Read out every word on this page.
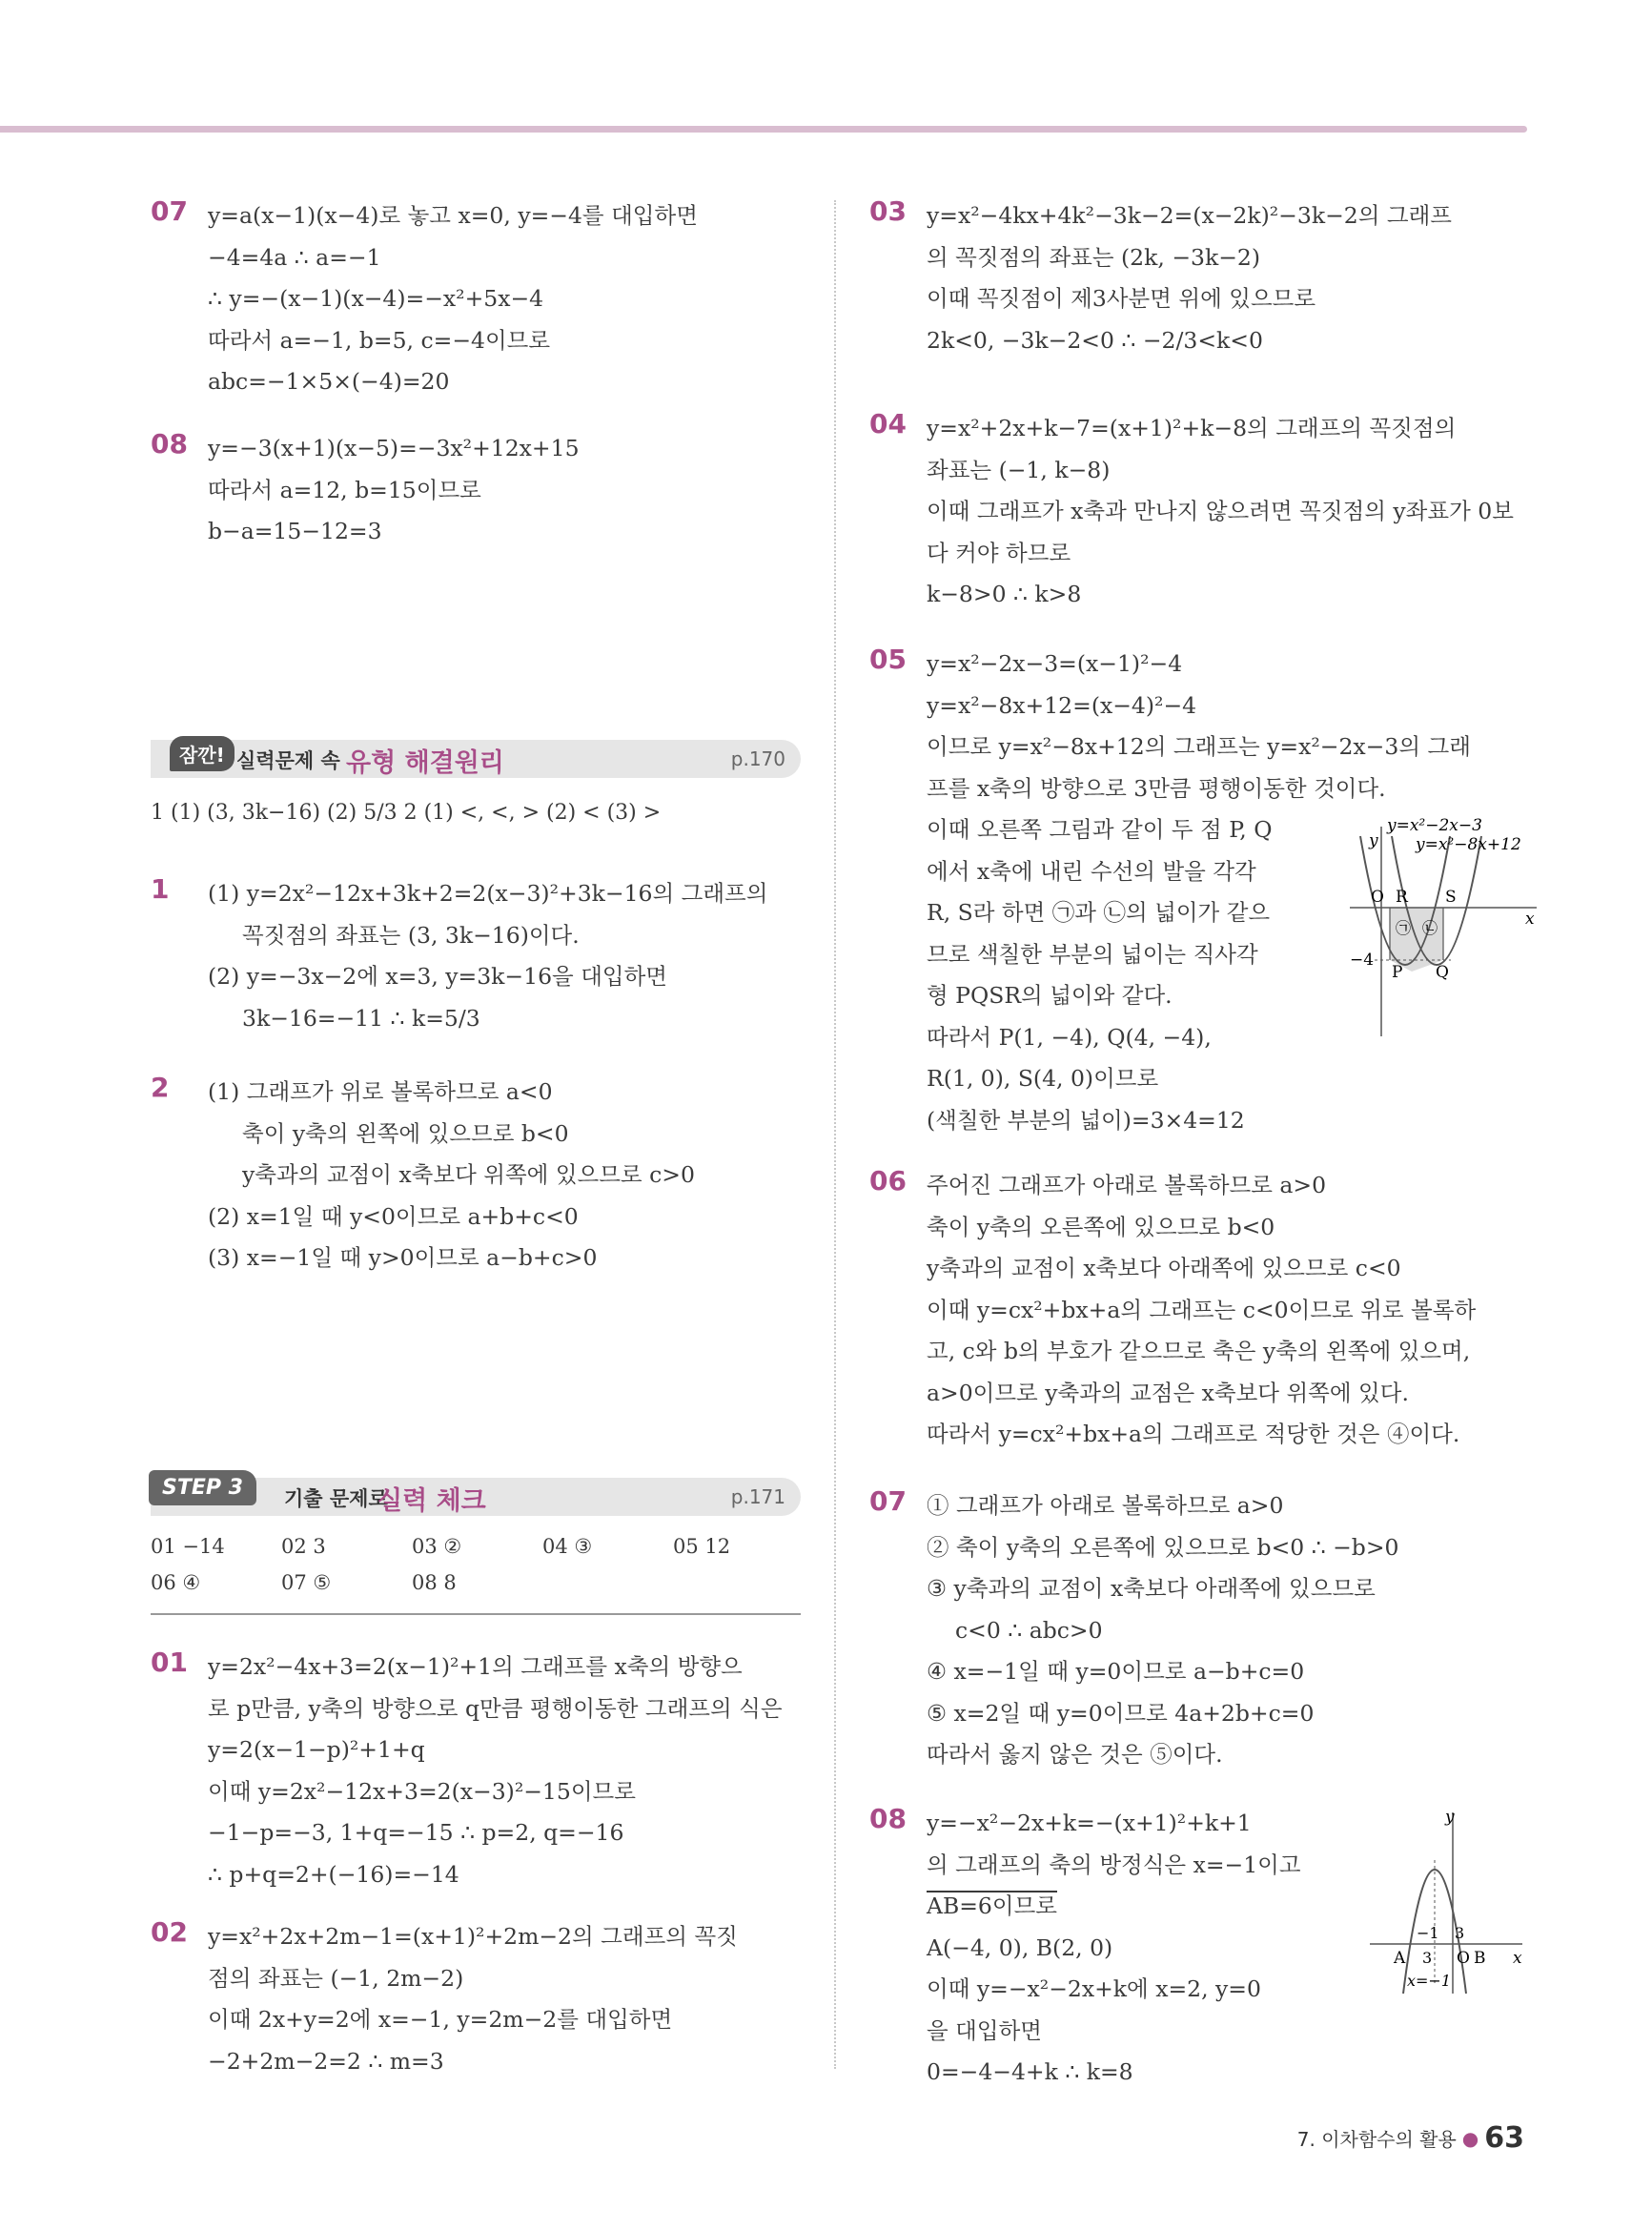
07 y=a(x−1)(x−4)로 놓고 x=0, y=−4를 대입하면
−4=4a ∴ a=−1
∴ y=−(x−1)(x−4)=−x²+5x−4
따라서 a=−1, b=5, c=−4이므로
abc=−1×5×(−4)=20
08 y=−3(x+1)(x−5)=−3x²+12x+15
따라서 a=12, b=15이므로
b−a=15−12=3
잠깐! 실력문제 속 유형 해결원리	p.170
1 (1) (3, 3k−16) (2) 5/3 2 (1) <, <, > (2) < (3) >
1 (1) y=2x²−12x+3k+2=2(x−3)²+3k−16의 그래프의
꼭짓점의 좌표는 (3, 3k−16)이다.
(2) y=−3x−2에 x=3, y=3k−16을 대입하면
3k−16=−11 ∴ k=5/3
2 (1) 그래프가 위로 볼록하므로 a<0
축이 y축의 왼쪽에 있으므로 b<0
y축과의 교점이 x축보다 위쪽에 있으므로 c>0
(2) x=1일 때 y<0이므로 a+b+c<0
(3) x=−1일 때 y>0이므로 a−b+c>0
STEP 3	기출 문제로
실력 체크	p.171
01 −14	02 3	03 ②	04 ③	05 12
06 ④	07 ⑤	08 8
01 y=2x²−4x+3=2(x−1)²+1의 그래프를 x축의 방향으
로 p만큼, y축의 방향으로 q만큼 평행이동한 그래프의 식은
y=2(x−1−p)²+1+q
이때 y=2x²−12x+3=2(x−3)²−15이므로
−1−p=−3, 1+q=−15 ∴ p=2, q=−16
∴ p+q=2+(−16)=−14
02 y=x²+2x+2m−1=(x+1)²+2m−2의 그래프의 꼭짓
점의 좌표는 (−1, 2m−2)
이때 2x+y=2에 x=−1, y=2m−2를 대입하면
−2+2m−2=2 ∴ m=3
03 y=x²−4kx+4k²−3k−2=(x−2k)²−3k−2의 그래프
의 꼭짓점의 좌표는 (2k, −3k−2)
이때 꼭짓점이 제3사분면 위에 있으므로
2k<0, −3k−2<0 ∴ −2/3<k<0
04 y=x²+2x+k−7=(x+1)²+k−8의 그래프의 꼭짓점의
좌표는 (−1, k−8)
이때 그래프가 x축과 만나지 않으려면 꼭짓점의 y좌표가 0보
다 커야 하므로
k−8>0 ∴ k>8
05 y=x²−2x−3=(x−1)²−4
y=x²−8x+12=(x−4)²−4
이므로 y=x²−8x+12의 그래프는 y=x²−2x−3의 그래
프를 x축의 방향으로 3만큼 평행이동한 것이다.
이때 오른쪽 그림과 같이 두 점 P, Q
에서 x축에 내린 수선의 발을 각각
R, S라 하면 ㉠과 ㉡의 넓이가 같으
므로 색칠한 부분의 넓이는 직사각
형 PQSR의 넓이와 같다.
따라서 P(1, −4), Q(4, −4),
R(1, 0), S(4, 0)이므로
(색칠한 부분의 넓이)=3×4=12
y=x²−2x−3
y=x²−8x+12
y
x
O R S
P Q
−4
㉠ ㉡
06 주어진 그래프가 아래로 볼록하므로 a>0
축이 y축의 오른쪽에 있으므로 b<0
y축과의 교점이 x축보다 아래쪽에 있으므로 c<0
이때 y=cx²+bx+a의 그래프는 c<0이므로 위로 볼록하
고, c와 b의 부호가 같으므로 축은 y축의 왼쪽에 있으며,
a>0이므로 y축과의 교점은 x축보다 위쪽에 있다.
따라서 y=cx²+bx+a의 그래프로 적당한 것은 ④이다.
07 ① 그래프가 아래로 볼록하므로 a>0
② 축이 y축의 오른쪽에 있으므로 b<0 ∴ −b>0
③ y축과의 교점이 x축보다 아래쪽에 있으므로
c<0 ∴ abc>0
④ x=−1일 때 y=0이므로 a−b+c=0
⑤ x=2일 때 y=0이므로 4a+2b+c=0
따라서 옳지 않은 것은 ⑤이다.
08 y=−x²−2x+k=−(x+1)²+k+1
의 그래프의 축의 방정식은 x=−1이고
AB=6이므로
A(−4, 0), B(2, 0)
이때 y=−x²−2x+k에 x=2, y=0
을 대입하면
0=−4−4+k ∴ k=8
y
x
A	B
O
−1
3
3
x=−1
7. 이차함수의 활용 ● 63
